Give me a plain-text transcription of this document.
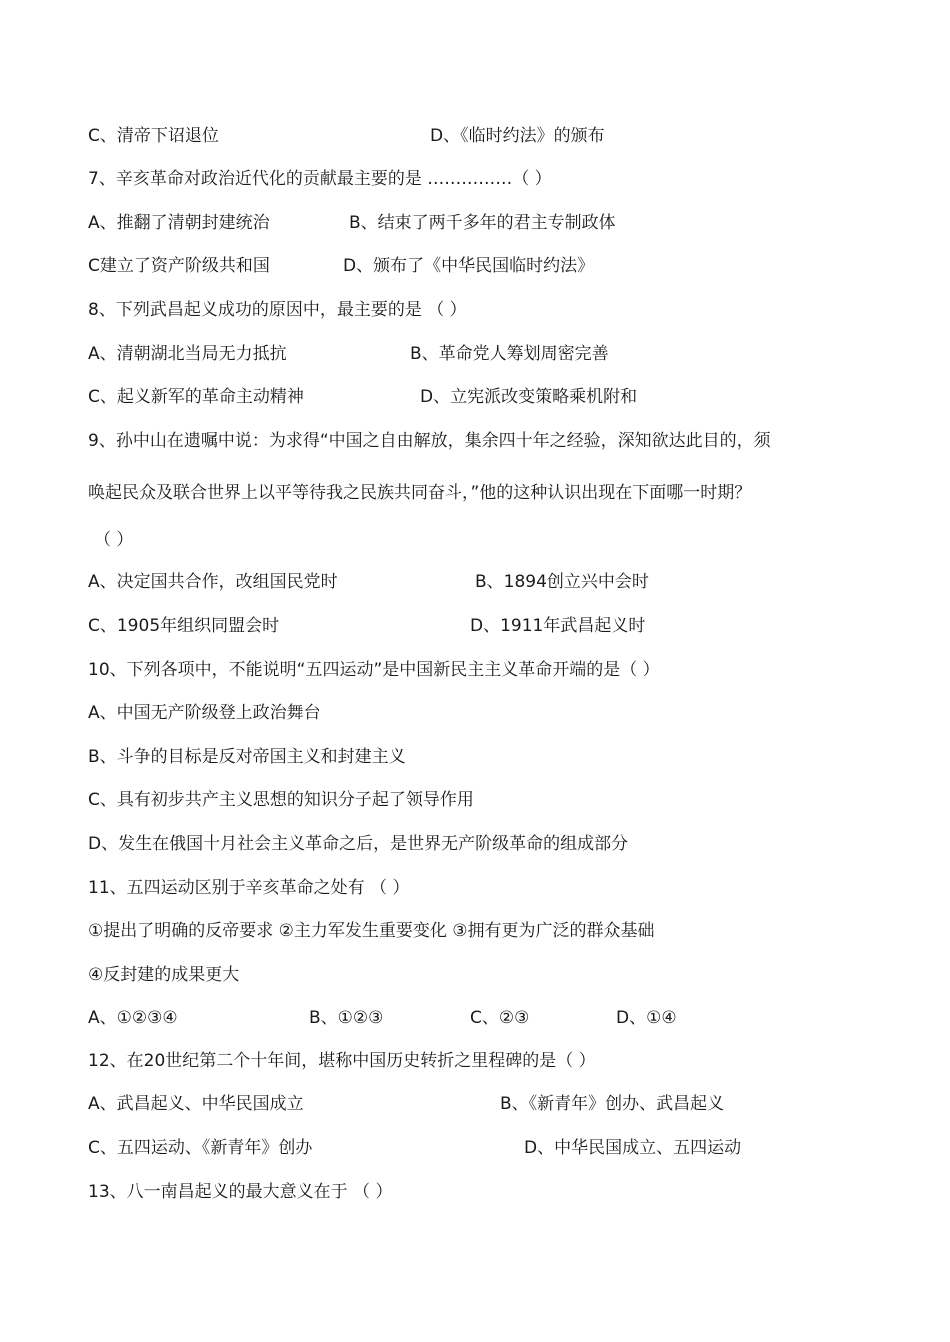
C、清帝下诏退位	D、《临时约法》的颁布
7、辛亥革命对政治近代化的贡献最主要的是 ……………（ ）
A、推翻了清朝封建统治	B、结束了两千多年的君主专制政体
C建立了资产阶级共和国	D、颁布了《中华民国临时约法》
8、下列武昌起义成功的原因中，最主要的是 （ ）
A、清朝湖北当局无力抵抗	B、革命党人筹划周密完善
C、起义新军的革命主动精神	D、立宪派改变策略乘机附和
9、孙中山在遗嘱中说：为求得“中国之自由解放，集余四十年之经验，深知欲达此目的，须
唤起民众及联合世界上以平等待我之民族共同奋斗，”他的这种认识出现在下面哪一时期？
（ ）
A、决定国共合作，改组国民党时	B、1894创立兴中会时
C、1905年组织同盟会时	D、1911年武昌起义时
10、下列各项中，不能说明“五四运动”是中国新民主主义革命开端的是（ ）
A、中国无产阶级登上政治舞台
B、斗争的目标是反对帝国主义和封建主义
C、具有初步共产主义思想的知识分子起了领导作用
D、发生在俄国十月社会主义革命之后，是世界无产阶级革命的组成部分
11、五四运动区别于辛亥革命之处有 （ ）
①提出了明确的反帝要求 ②主力军发生重要变化 ③拥有更为广泛的群众基础
④反封建的成果更大
A、①②③④	B、①②③	C、②③	D、①④
12、在20世纪第二个十年间，堪称中国历史转折之里程碑的是（ ）
A、武昌起义、中华民国成立	B、《新青年》创办、武昌起义
C、五四运动、《新青年》创办	D、中华民国成立、五四运动
13、八一南昌起义的最大意义在于 （ ）
